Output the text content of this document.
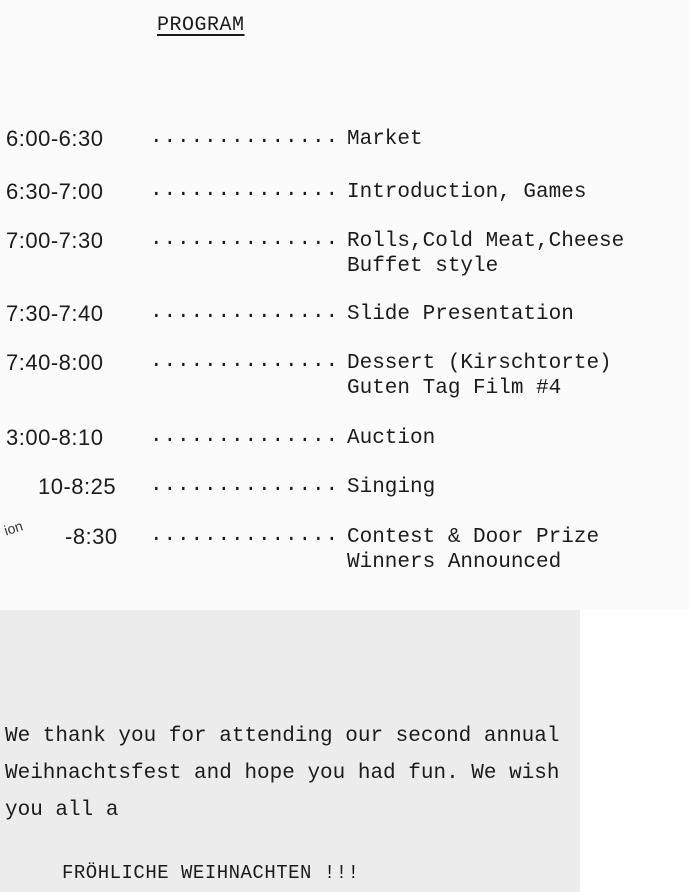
PROGRAM
6:00-6:30 .............. Market
6:30-7:00 .............. Introduction, Games
7:00-7:30 .............. Rolls,Cold Meat,Cheese
Buffet style
7:30-7:40 .............. Slide Presentation
7:40-8:00 .............. Dessert (Kirschtorte)
Guten Tag Film #4
3:00-8:10 .............. Auction
10-8:25 .............. Singing
-8:30 .............. Contest & Door Prize
Winners Announced
ion

We thank you for attending our second annual Weihnachtsfest and hope you had fun. We wish you all a

FRÖHLICHE WEIHNACHTEN !!!
